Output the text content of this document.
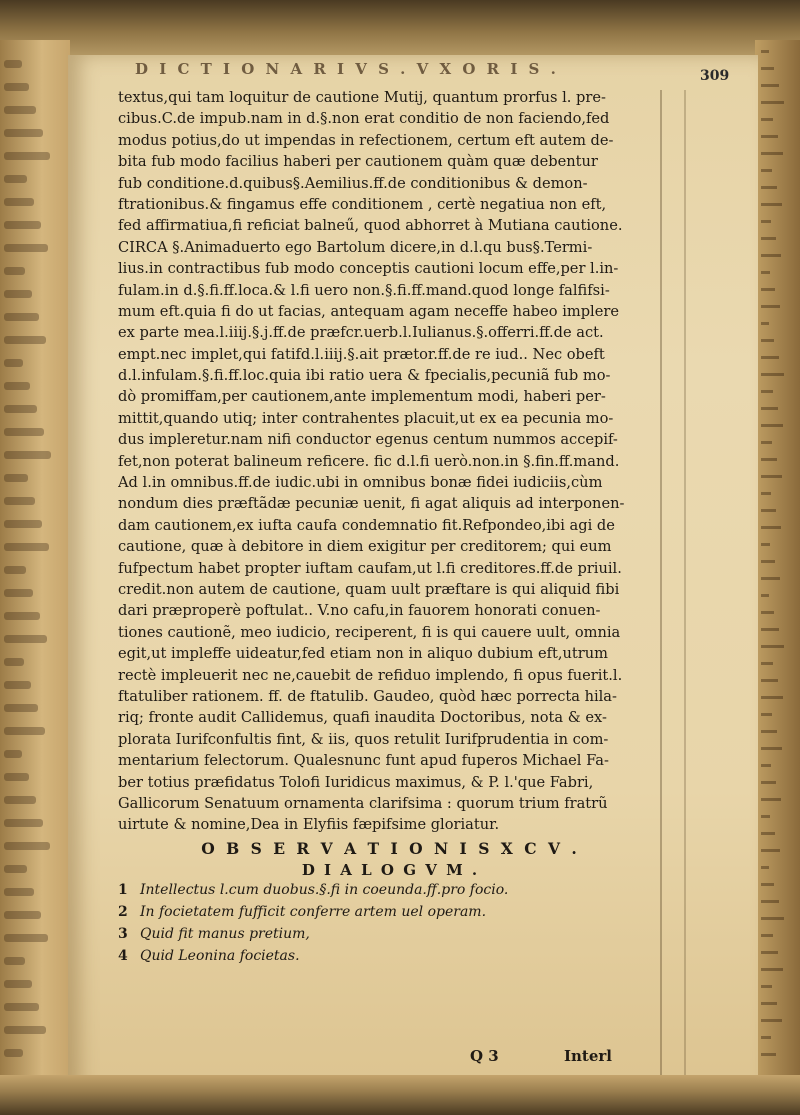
D I C T I O N A R I V S . V X O R I S .	309
textus,qui tam loquitur de cautione Mutij, quantum prorfus l. pre-
cibus.C.de impub.nam in d.§.non erat conditio de non faciendo,fed
modus potius,do ut impendas in refectionem, certum eft autem de-
bita fub modo facilius haberi per cautionem quàm quæ debentur
fub conditione.d.quibus§.Aemilius.ff.de conditionibus & demon-
ftrationibus.& fingamus effe conditionem , certè negatiua non eft,
fed affirmatiua,fi reficiat balneű, quod abhorret à Mutiana cautione.
CIRCA §.Animaduerto ego Bartolum dicere,in d.l.qu bus§.Termi-
lius.in contractibus fub modo conceptis cautioni locum effe,per l.in-
fulam.in d.§.fi.ff.loca.& l.fi uero non.§.fi.ff.mand.quod longe falfifsi-
mum eft.quia fi do ut facias, antequam agam neceffe habeo implere
ex parte mea.l.iiij.§.j.ff.de præfcr.uerb.l.Iulianus.§.offerri.ff.de act.
empt.nec implet,qui fatifd.l.iiij.§.ait prætor.ff.de re iud.. Nec obeft
d.l.infulam.§.fi.ff.loc.quia ibi ratio uera & fpecialis,pecuniã fub mo-
dò promiffam,per cautionem,ante implementum modi, haberi per-
mittit,quando utiq; inter contrahentes placuit,ut ex ea pecunia mo-
dus impleretur.nam nifi conductor egenus centum nummos accepif-
fet,non poterat balineum reficere. fic d.l.fi uerò.non.in §.fin.ff.mand.
Ad l.in omnibus.ff.de iudic.ubi in omnibus bonæ fidei iudiciis,cùm
nondum dies præftãdæ pecuniæ uenit, fi agat aliquis ad interponen-
dam cautionem,ex iufta caufa condemnatio fit.Refpondeo,ibi agi de
cautione, quæ à debitore in diem exigitur per creditorem; qui eum
fufpectum habet propter iuftam caufam,ut l.fi creditores.ff.de priuil.
credit.non autem de cautione, quam uult præftare is qui aliquid fibi
dari præproperè poftulat.. V.no cafu,in fauorem honorati conuen-
tiones cautionẽ, meo iudicio, reciperent, fi is qui cauere uult, omnia
egit,ut impleffe uideatur,fed etiam non in aliquo dubium eft,utrum
rectè impleuerit nec ne,cauebit de refiduo implendo, fi opus fuerit.l.
ftatuliber rationem. ff. de ftatulib. Gaudeo, quòd hæc porrecta hila-
riq; fronte audit Callidemus, quafi inaudita Doctoribus, nota & ex-
plorata Iurifconfultis fint, & iis, quos retulit Iurifprudentia in com-
mentarium felectorum. Qualesnunc funt apud fuperos Michael Fa-
ber totius præfidatus Tolofi Iuridicus maximus, & P. l.'que Fabri,
Gallicorum Senatuum ornamenta clarifsima : quorum trium fratrũ
uirtute & nomine,Dea in Elyfiis fæpifsime gloriatur.
O B S E R V A T I O N I S X C V .
D I A L O G V M .
1 Intellectus l.cum duobus.§.fi in coeunda.ff.pro focio.
2 In focietatem fufficit conferre artem uel operam.
3 Quid fit manus pretium,
4 Quid Leonina focietas.
Q 3	Interl
